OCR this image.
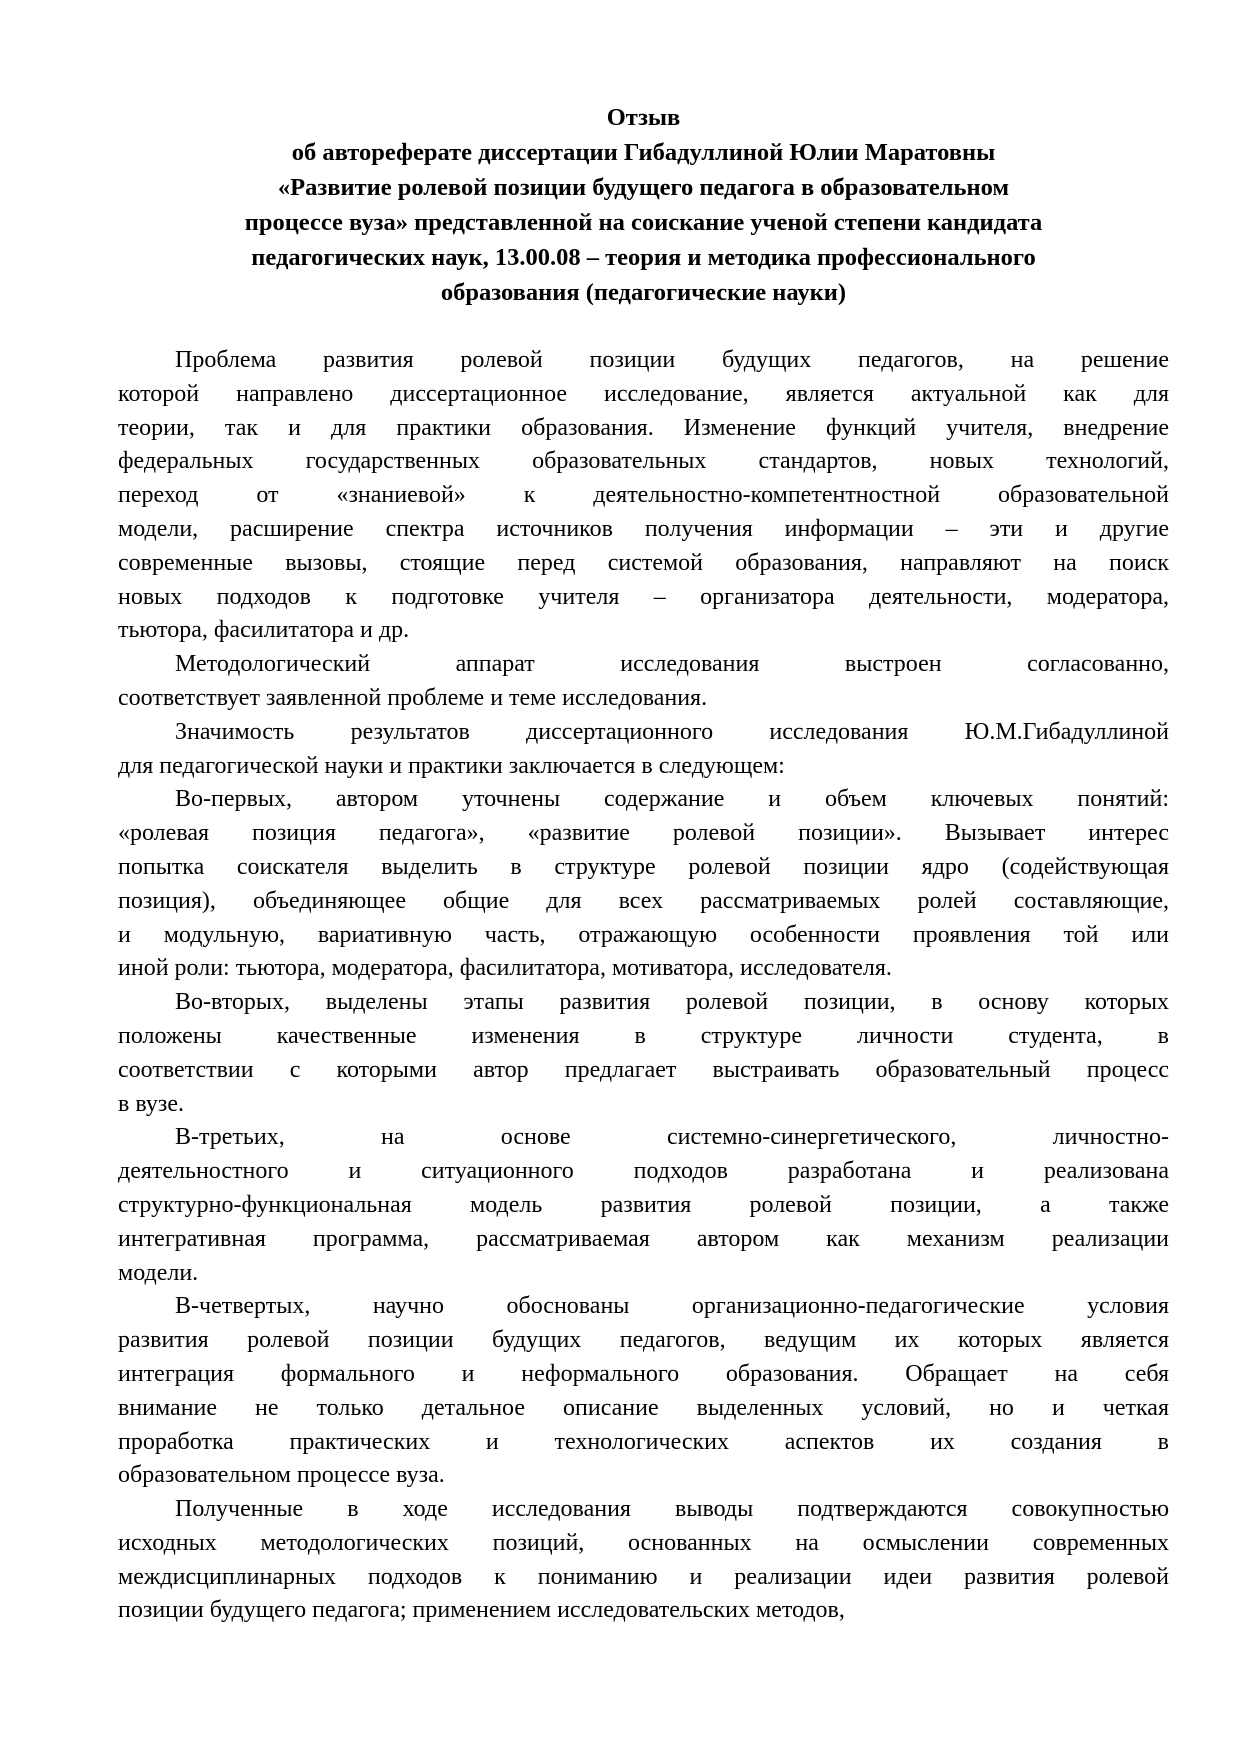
Отзыв
об автореферате диссертации Гибадуллиной Юлии Маратовны
«Развитие ролевой позиции будущего педагога в образовательном
процессе вуза» представленной на соискание ученой степени кандидата
педагогических наук, 13.00.08 – теория и методика профессионального
образования (педагогические науки)

Проблема развития ролевой позиции будущих педагогов, на решение
которой направлено диссертационное исследование, является актуальной как для
теории, так и для практики образования. Изменение функций учителя, внедрение
федеральных государственных образовательных стандартов, новых технологий,
переход от «знаниевой» к деятельностно-компетентностной образовательной
модели, расширение спектра источников получения информации – эти и другие
современные вызовы, стоящие перед системой образования, направляют на поиск
новых подходов к подготовке учителя – организатора деятельности, модератора,
тьютора, фасилитатора и др.

Методологический аппарат исследования выстроен согласованно,
соответствует заявленной проблеме и теме исследования.

Значимость результатов диссертационного исследования Ю.М.Гибадуллиной
для педагогической науки и практики заключается в следующем:

Во-первых, автором уточнены содержание и объем ключевых понятий:
«ролевая позиция педагога», «развитие ролевой позиции». Вызывает интерес
попытка соискателя выделить в структуре ролевой позиции ядро (содействующая
позиция), объединяющее общие для всех рассматриваемых ролей составляющие,
и модульную, вариативную часть, отражающую особенности проявления той или
иной роли: тьютора, модератора, фасилитатора, мотиватора, исследователя.

Во-вторых, выделены этапы развития ролевой позиции, в основу которых
положены качественные изменения в структуре личности студента, в
соответствии с которыми автор предлагает выстраивать образовательный процесс
в вузе.

В-третьих, на основе системно-синергетического, личностно-
деятельностного и ситуационного подходов разработана и реализована
структурно-функциональная модель развития ролевой позиции, а также
интегративная программа, рассматриваемая автором как механизм реализации
модели.

В-четвертых, научно обоснованы организационно-педагогические условия
развития ролевой позиции будущих педагогов, ведущим их которых является
интеграция формального и неформального образования. Обращает на себя
внимание не только детальное описание выделенных условий, но и четкая
проработка практических и технологических аспектов их создания в
образовательном процессе вуза.

Полученные в ходе исследования выводы подтверждаются совокупностью
исходных методологических позиций, основанных на осмыслении современных
междисциплинарных подходов к пониманию и реализации идеи развития ролевой
позиции будущего педагога; применением исследовательских методов,
